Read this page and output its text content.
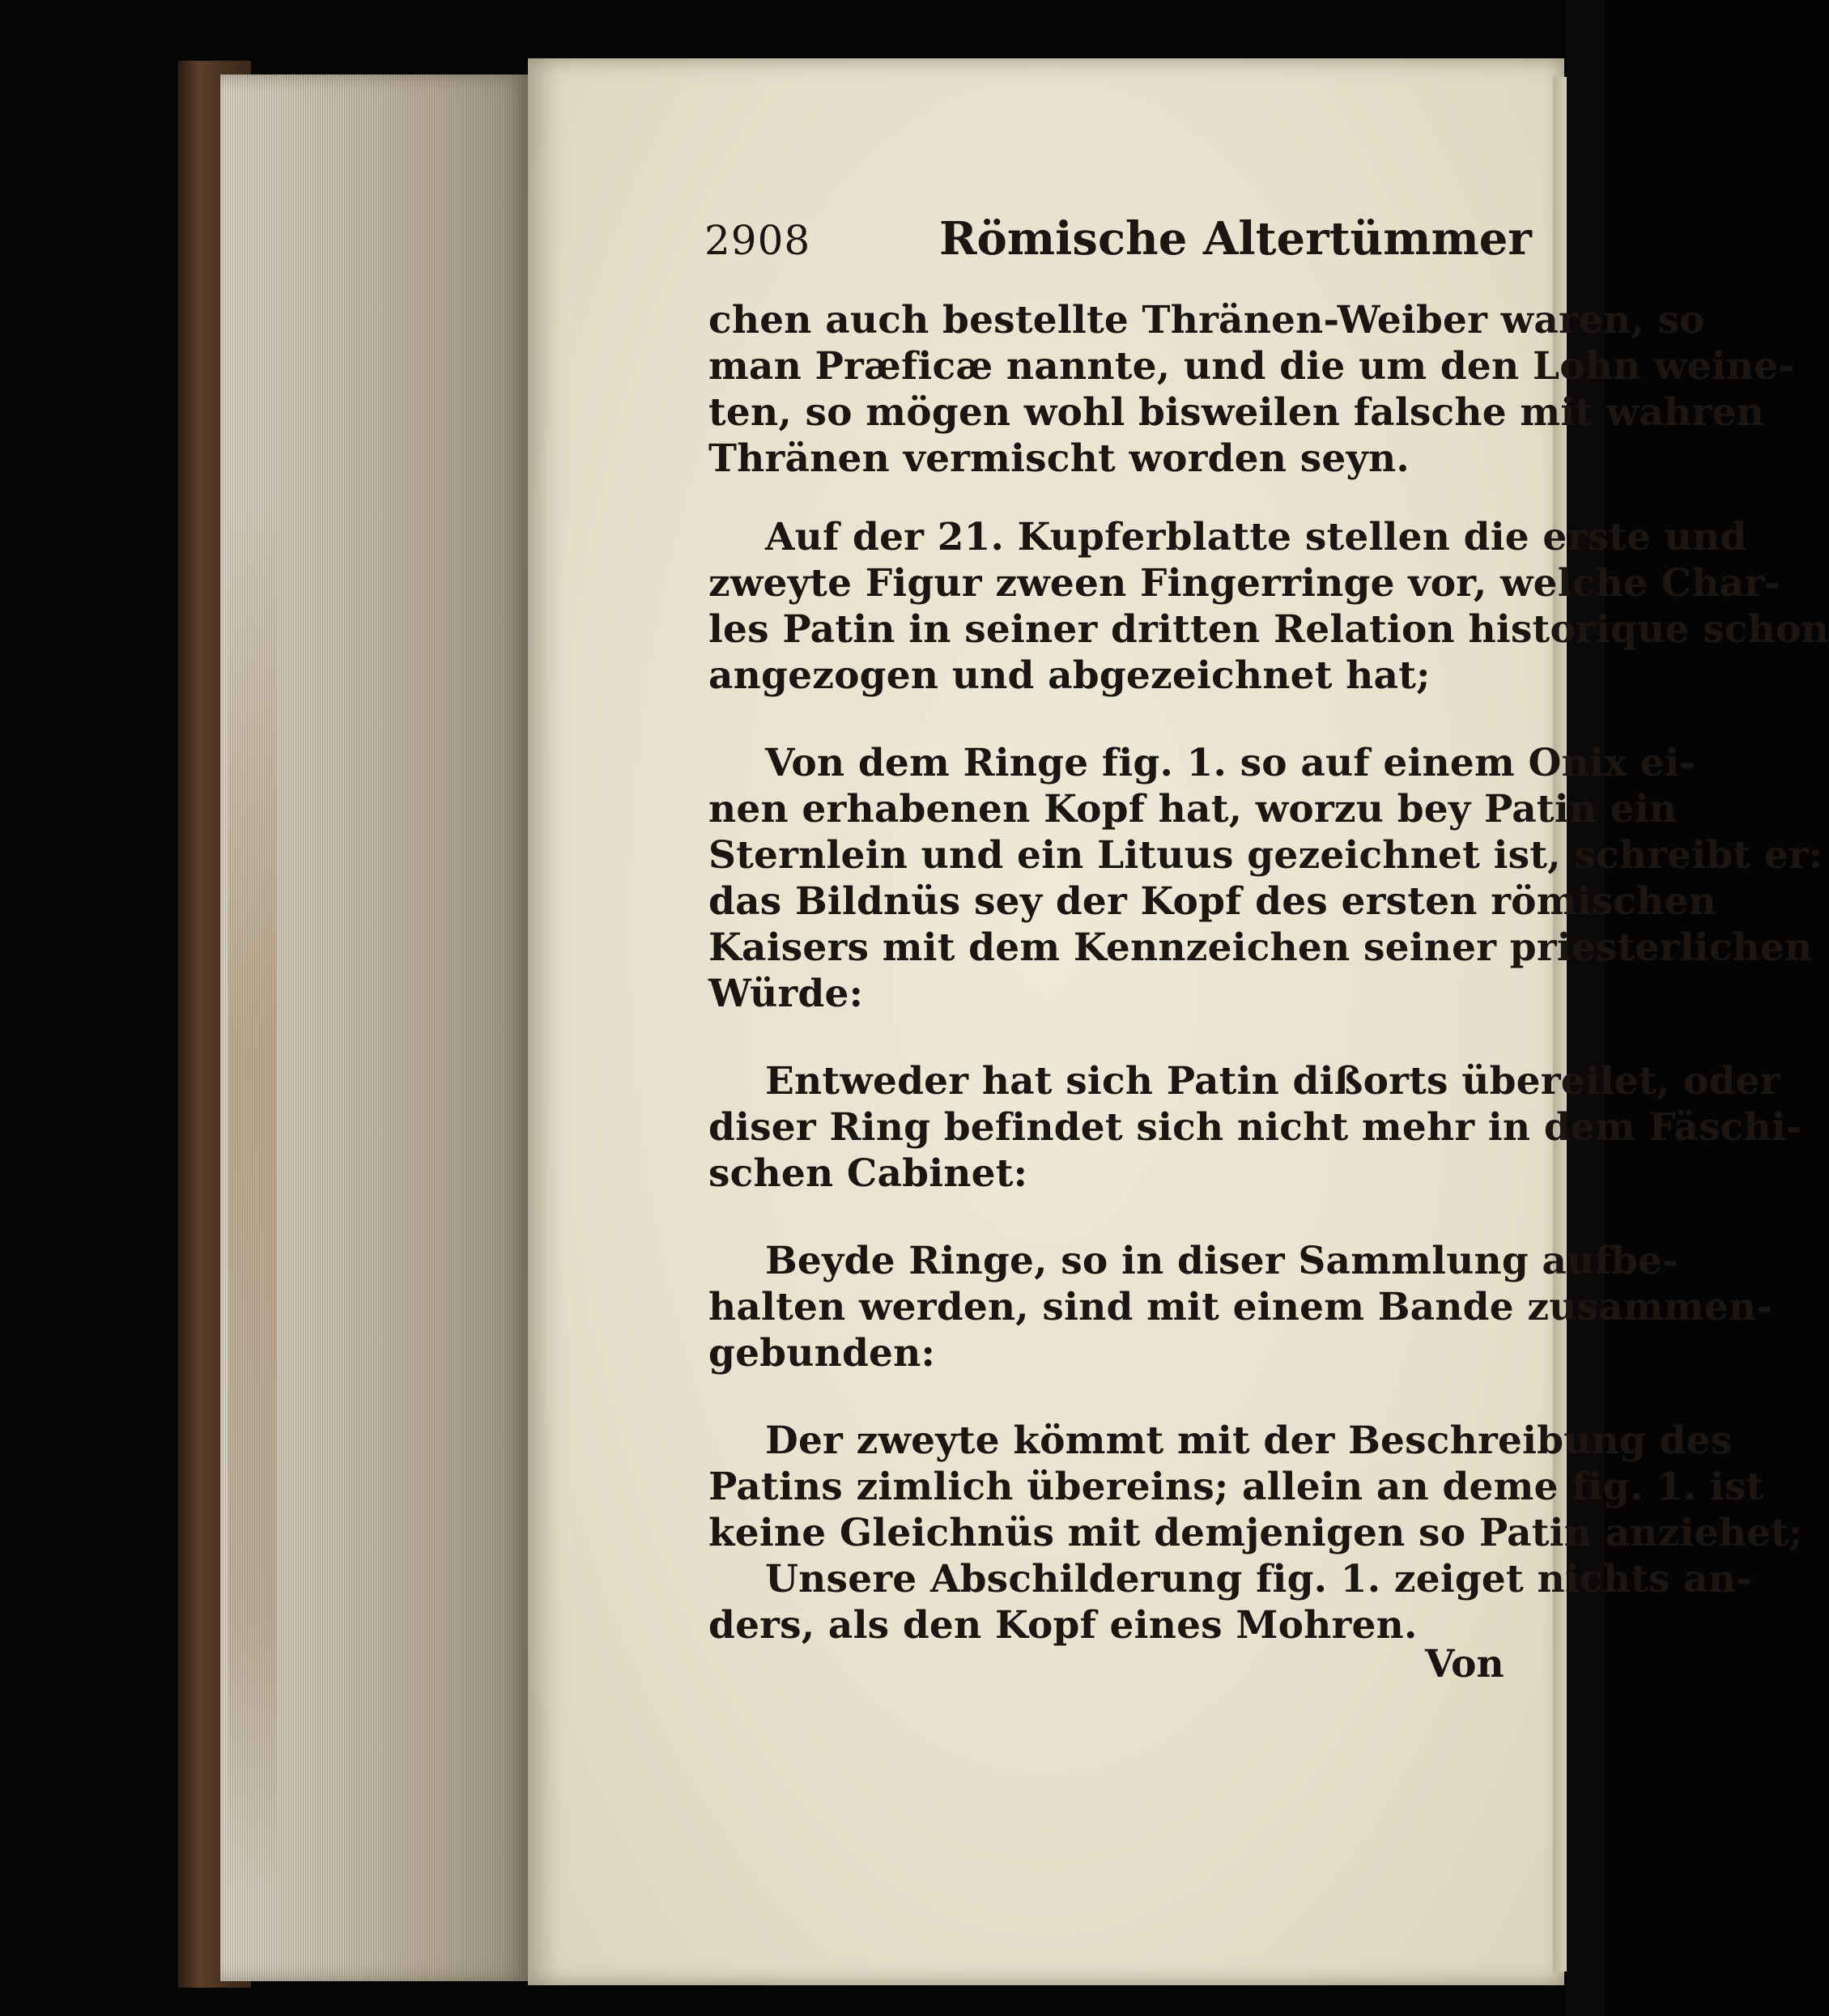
2908	Römische Altertümmer
chen auch bestellte Thränen-Weiber waren, so
man Præficæ nannte, und die um den Lohn weine-
ten, so mögen wohl bisweilen falsche mit wahren
Thränen vermischt worden seyn.
Auf der 21. Kupferblatte stellen die erste und
zweyte Figur zween Fingerringe vor, welche Char-
les Patin in seiner dritten Relation historique schon
angezogen und abgezeichnet hat;
Von dem Ringe fig. 1. so auf einem Onix ei-
nen erhabenen Kopf hat, worzu bey Patin ein
Sternlein und ein Lituus gezeichnet ist, schreibt er:
das Bildnüs sey der Kopf des ersten römischen
Kaisers mit dem Kennzeichen seiner priesterlichen
Würde:
Entweder hat sich Patin dißorts übereilet, oder
diser Ring befindet sich nicht mehr in dem Fäschi-
schen Cabinet:
Beyde Ringe, so in diser Sammlung aufbe-
halten werden, sind mit einem Bande zusammen-
gebunden:
Der zweyte kömmt mit der Beschreibung des
Patins zimlich übereins; allein an deme fig. 1. ist
keine Gleichnüs mit demjenigen so Patin anziehet;
Unsere Abschilderung fig. 1. zeiget nichts an-
ders, als den Kopf eines Mohren.
Von
